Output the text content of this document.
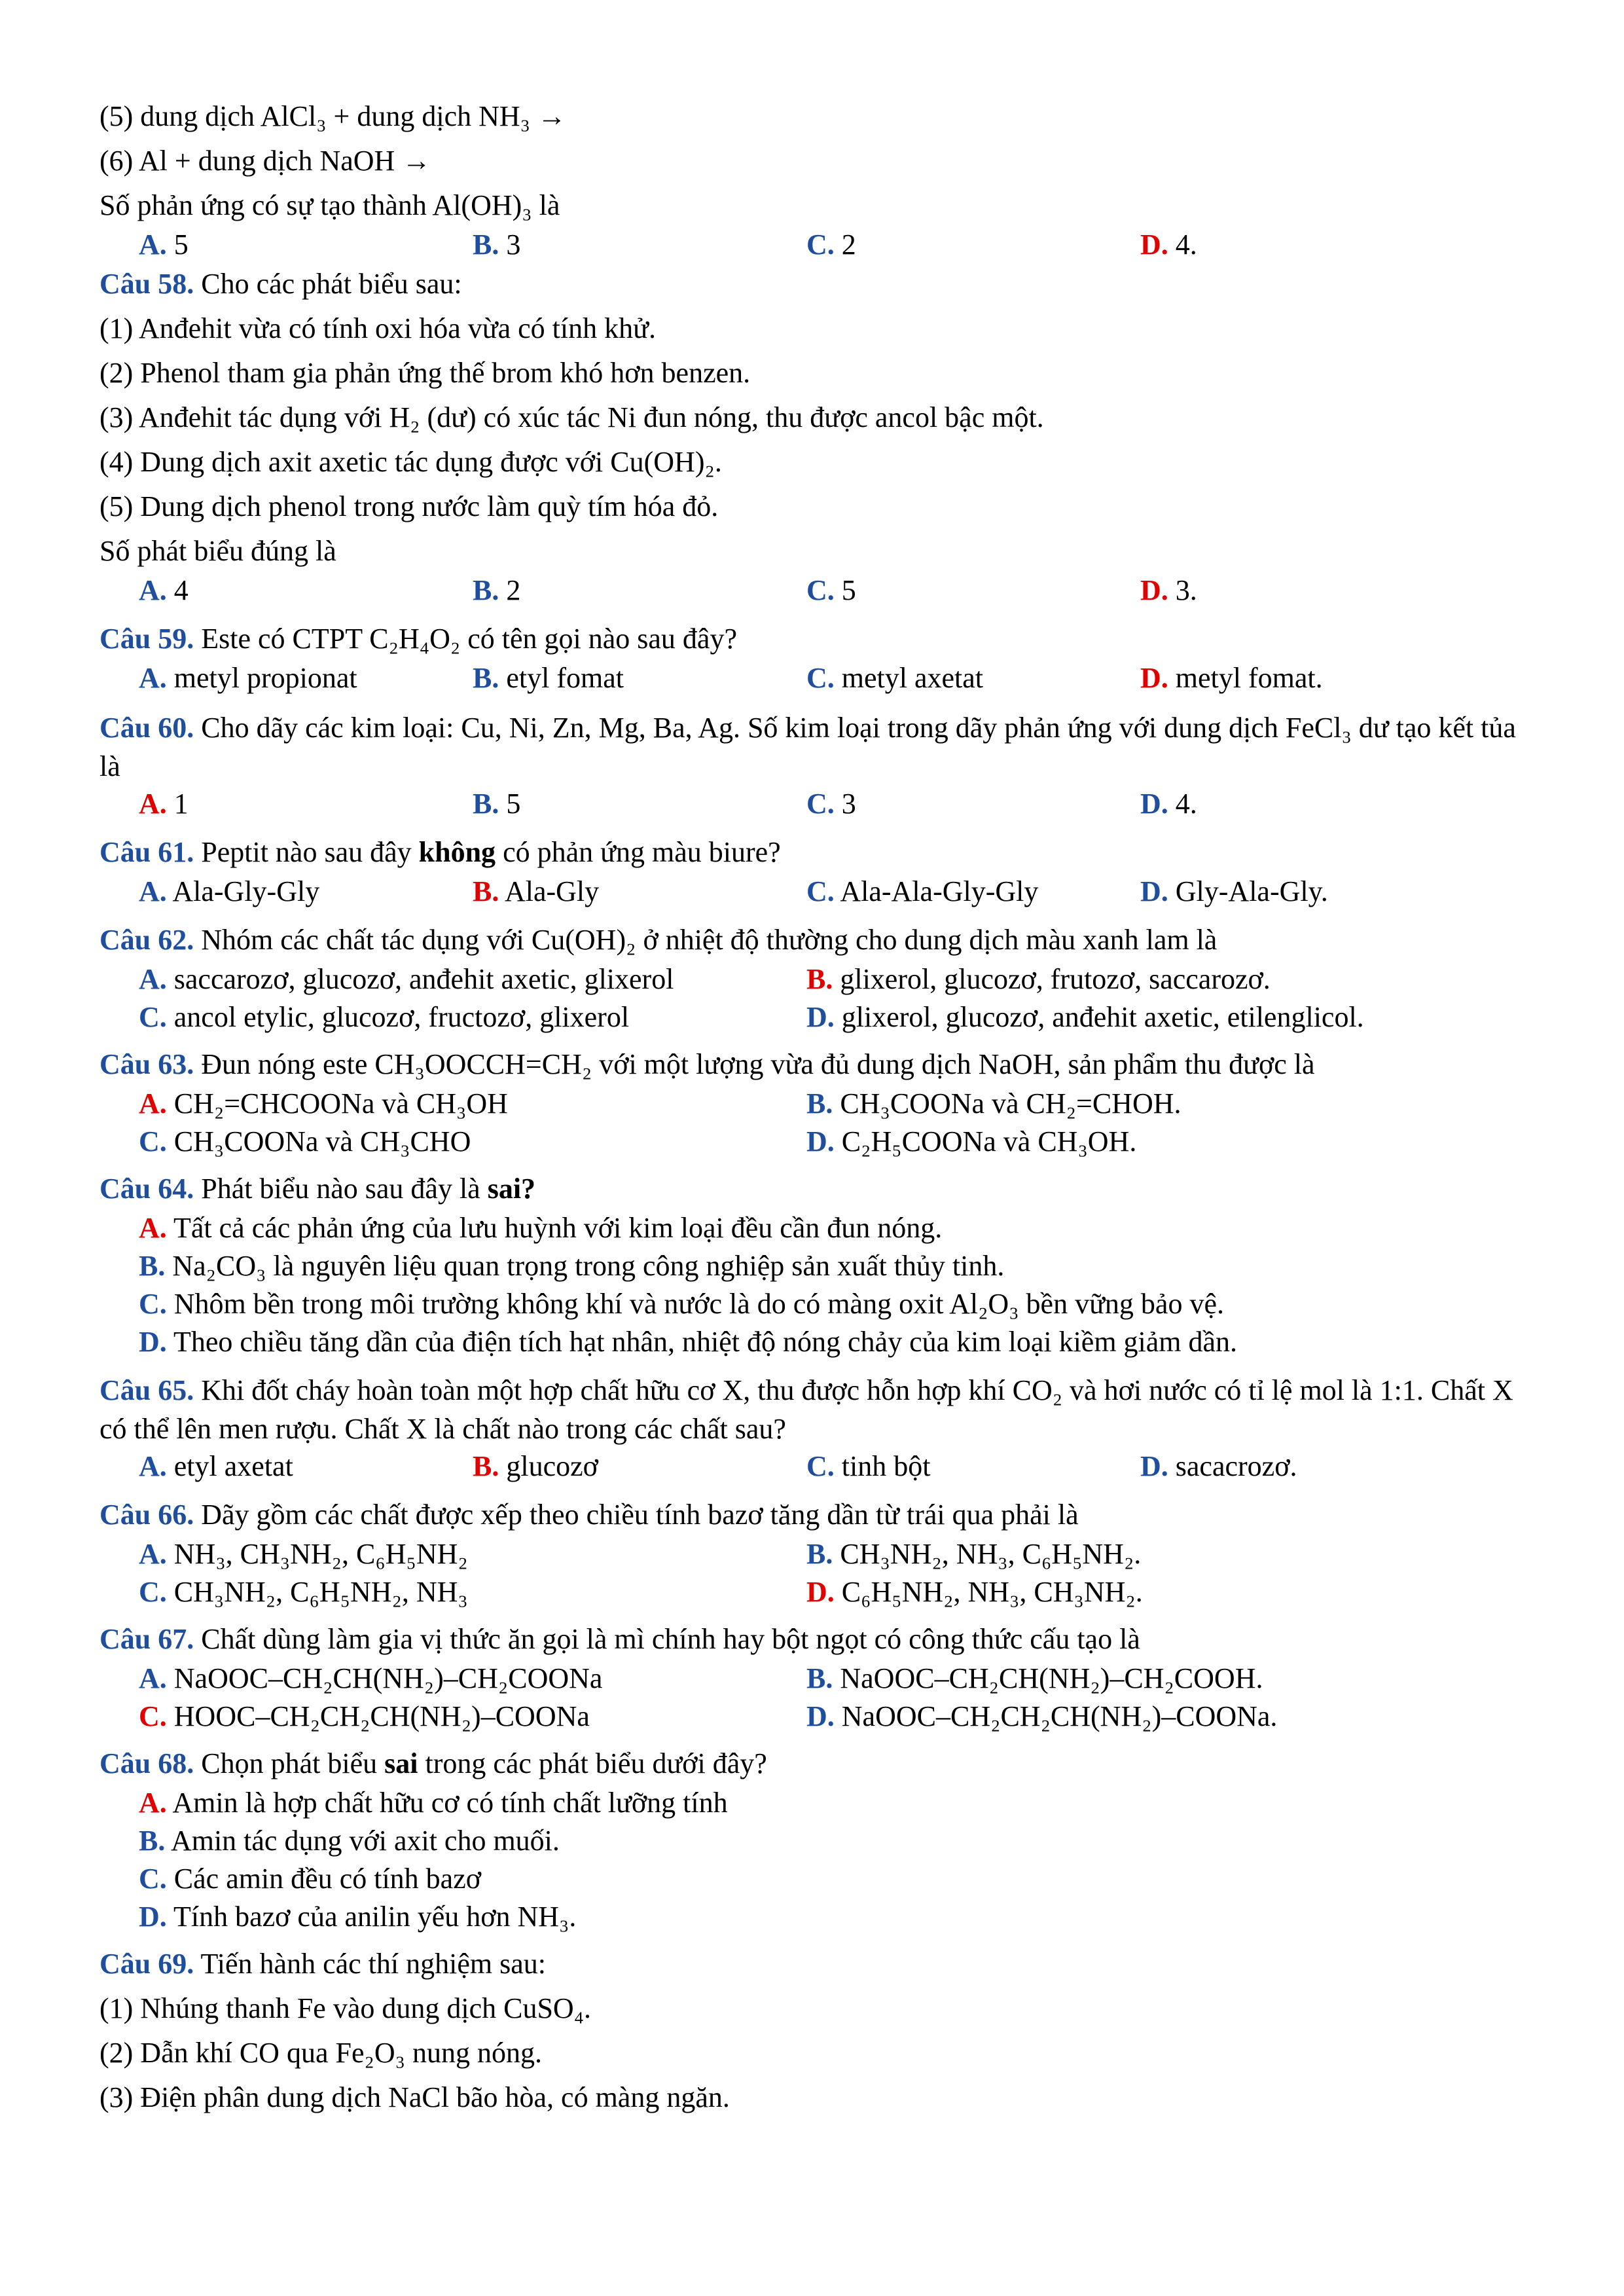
(5) dung dịch AlCl₃ + dung dịch NH₃ →
(6) Al + dung dịch NaOH →
Số phản ứng có sự tạo thành Al(OH)₃ là
A. 5	B. 3	C. 2	D. 4.
Câu 58. Cho các phát biểu sau:
(1) Anđehit vừa có tính oxi hóa vừa có tính khử.
(2) Phenol tham gia phản ứng thế brom khó hơn benzen.
(3) Anđehit tác dụng với H₂ (dư) có xúc tác Ni đun nóng, thu được ancol bậc một.
(4) Dung dịch axit axetic tác dụng được với Cu(OH)₂.
(5) Dung dịch phenol trong nước làm quỳ tím hóa đỏ.
Số phát biểu đúng là
A. 4	B. 2	C. 5	D. 3.
Câu 59. Este có CTPT C₂H₄O₂ có tên gọi nào sau đây?
A. metyl propionat	B. etyl fomat	C. metyl axetat	D. metyl fomat.
Câu 60. Cho dãy các kim loại: Cu, Ni, Zn, Mg, Ba, Ag. Số kim loại trong dãy phản ứng với dung dịch FeCl₃ dư tạo kết tủa là
A. 1	B. 5	C. 3	D. 4.
Câu 61. Peptit nào sau đây không có phản ứng màu biure?
A. Ala-Gly-Gly	B. Ala-Gly	C. Ala-Ala-Gly-Gly	D. Gly-Ala-Gly.
Câu 62. Nhóm các chất tác dụng với Cu(OH)₂ ở nhiệt độ thường cho dung dịch màu xanh lam là
A. saccarozơ, glucozơ, anđehit axetic, glixerol	B. glixerol, glucozơ, frutozơ, saccarozơ.
C. ancol etylic, glucozơ, fructozơ, glixerol	D. glixerol, glucozơ, anđehit axetic, etilenglicol.
Câu 63. Đun nóng este CH₃OOCCH=CH₂ với một lượng vừa đủ dung dịch NaOH, sản phẩm thu được là
A. CH₂=CHCOONa và CH₃OH	B. CH₃COONa và CH₂=CHOH.
C. CH₃COONa và CH₃CHO	D. C₂H₅COONa và CH₃OH.
Câu 64. Phát biểu nào sau đây là sai?
A. Tất cả các phản ứng của lưu huỳnh với kim loại đều cần đun nóng.
B. Na₂CO₃ là nguyên liệu quan trọng trong công nghiệp sản xuất thủy tinh.
C. Nhôm bền trong môi trường không khí và nước là do có màng oxit Al₂O₃ bền vững bảo vệ.
D. Theo chiều tăng dần của điện tích hạt nhân, nhiệt độ nóng chảy của kim loại kiềm giảm dần.
Câu 65. Khi đốt cháy hoàn toàn một hợp chất hữu cơ X, thu được hỗn hợp khí CO₂ và hơi nước có tỉ lệ mol là 1:1. Chất X có thể lên men rượu. Chất X là chất nào trong các chất sau?
A. etyl axetat	B. glucozơ	C. tinh bột	D. sacacrozơ.
Câu 66. Dãy gồm các chất được xếp theo chiều tính bazơ tăng dần từ trái qua phải là
A. NH₃, CH₃NH₂, C₆H₅NH₂	B. CH₃NH₂, NH₃, C₆H₅NH₂.
C. CH₃NH₂, C₆H₅NH₂, NH₃	D. C₆H₅NH₂, NH₃, CH₃NH₂.
Câu 67. Chất dùng làm gia vị thức ăn gọi là mì chính hay bột ngọt có công thức cấu tạo là
A. NaOOC–CH₂CH(NH₂)–CH₂COONa	B. NaOOC–CH₂CH(NH₂)–CH₂COOH.
C. HOOC–CH₂CH₂CH(NH₂)–COONa	D. NaOOC–CH₂CH₂CH(NH₂)–COONa.
Câu 68. Chọn phát biểu sai trong các phát biểu dưới đây?
A. Amin là hợp chất hữu cơ có tính chất lưỡng tính
B. Amin tác dụng với axit cho muối.
C. Các amin đều có tính bazơ
D. Tính bazơ của anilin yếu hơn NH₃.
Câu 69. Tiến hành các thí nghiệm sau:
(1) Nhúng thanh Fe vào dung dịch CuSO₄.
(2) Dẫn khí CO qua Fe₂O₃ nung nóng.
(3) Điện phân dung dịch NaCl bão hòa, có màng ngăn.
